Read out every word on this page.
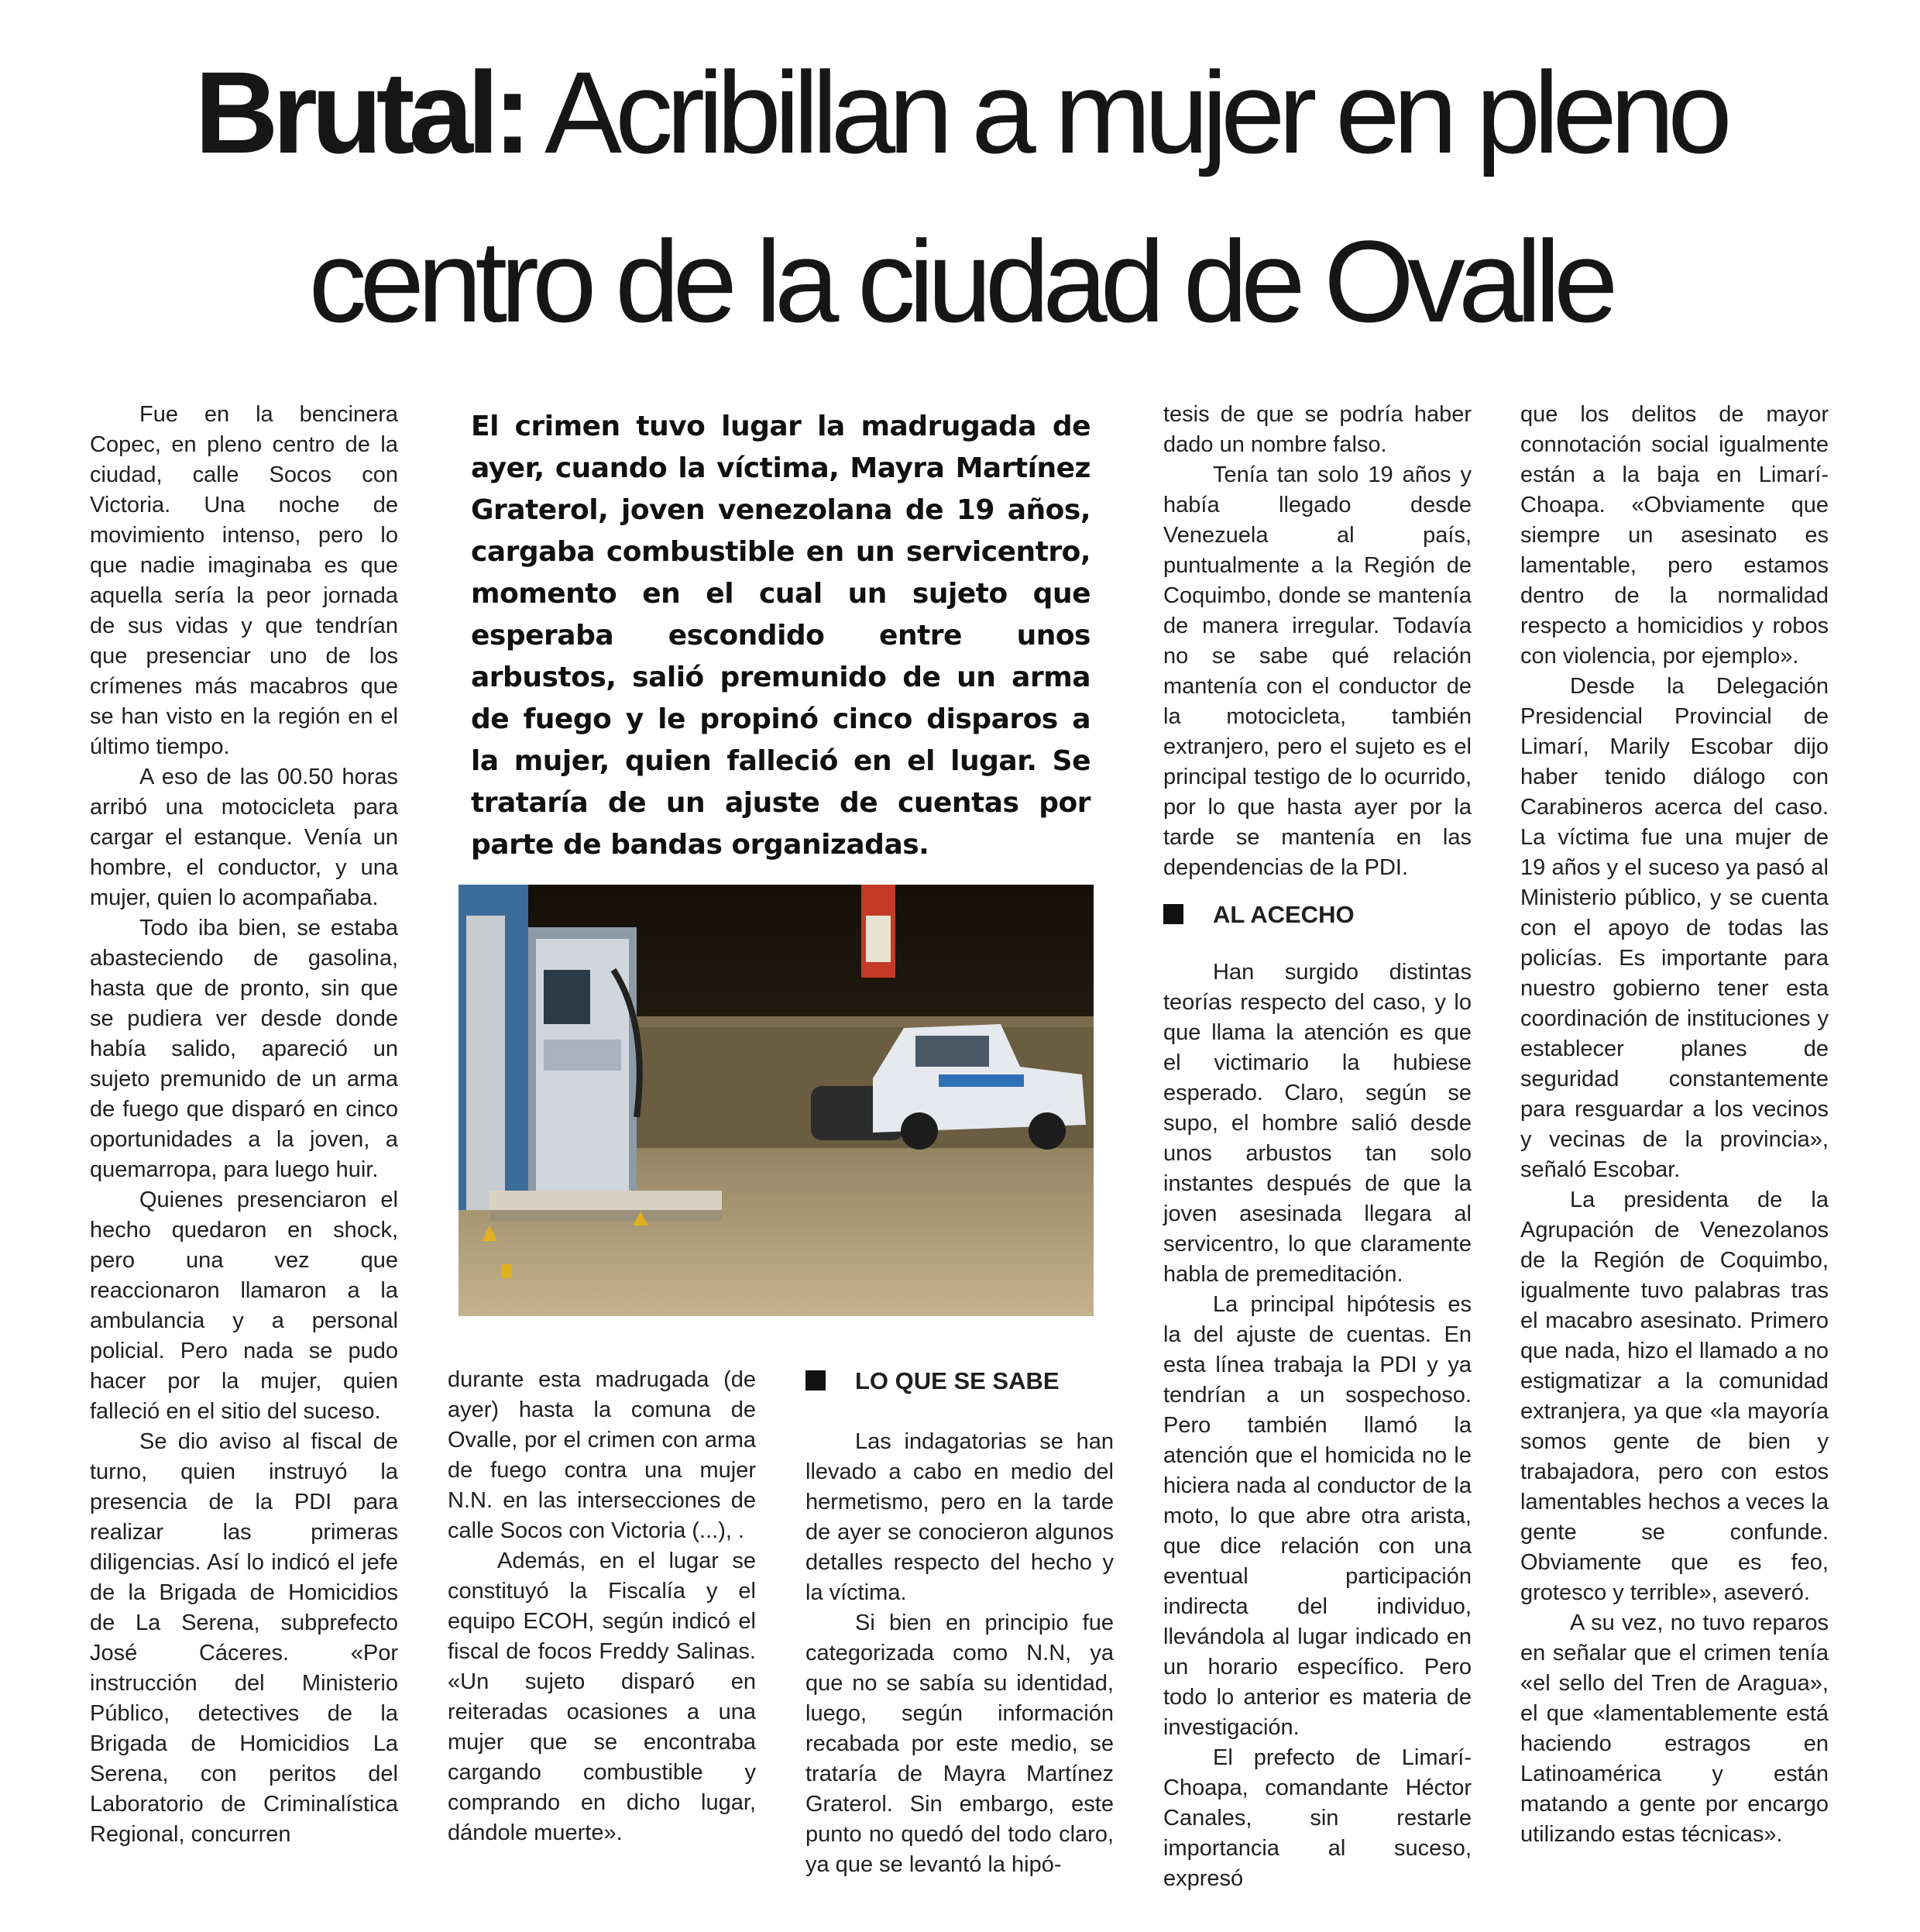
Brutal: Acribillan a mujer en pleno
centro de la ciudad de Ovalle

Fue en la bencinera Copec, en pleno centro de la ciudad, calle Socos con Victoria. Una noche de movimiento intenso, pero lo que nadie imaginaba es que aquella sería la peor jornada de sus vidas y que tendrían que presenciar uno de los crímenes más macabros que se han visto en la región en el último tiempo.

A eso de las 00.50 horas arribó una motocicleta para cargar el estanque. Venía un hombre, el conductor, y una mujer, quien lo acompañaba.

Todo iba bien, se estaba abasteciendo de gasolina, hasta que de pronto, sin que se pudiera ver desde donde había salido, apareció un sujeto premunido de un arma de fuego que disparó en cinco oportunidades a la joven, a quemarropa, para luego huir.

Quienes presenciaron el hecho quedaron en shock, pero una vez que reaccionaron llamaron a la ambulancia y a personal policial. Pero nada se pudo hacer por la mujer, quien falleció en el sitio del suceso.

Se dio aviso al fiscal de turno, quien instruyó la presencia de la PDI para realizar las primeras diligencias. Así lo indicó el jefe de la Brigada de Homicidios de La Serena, subprefecto José Cáceres. «Por instrucción del Ministerio Público, detectives de la Brigada de Homicidios La Serena, con peritos del Laboratorio de Criminalística Regional, concurren

El crimen tuvo lugar la madrugada de ayer, cuando la víctima, Mayra Martínez Graterol, joven venezolana de 19 años, cargaba combustible en un servicentro, momento en el cual un sujeto que esperaba escondido entre unos arbustos, salió premunido de un arma de fuego y le propinó cinco disparos a la mujer, quien falleció en el lugar. Se trataría de un ajuste de cuentas por parte de bandas organizadas.

durante esta madrugada (de ayer) hasta la comuna de Ovalle, por el crimen con arma de fuego contra una mujer N.N. en las intersecciones de calle Socos con Victoria (...), .

Además, en el lugar se constituyó la Fiscalía y el equipo ECOH, según indicó el fiscal de focos Freddy Salinas. «Un sujeto disparó en reiteradas ocasiones a una mujer que se encontraba cargando combustible y comprando en dicho lugar, dándole muerte».

LO QUE SE SABE

Las indagatorias se han llevado a cabo en medio del hermetismo, pero en la tarde de ayer se conocieron algunos detalles respecto del hecho y la víctima.

Si bien en principio fue categorizada como N.N, ya que no se sabía su identidad, luego, según información recabada por este medio, se trataría de Mayra Martínez Graterol. Sin embargo, este punto no quedó del todo claro, ya que se levantó la hipó-

tesis de que se podría haber dado un nombre falso.

Tenía tan solo 19 años y había llegado desde Venezuela al país, puntualmente a la Región de Coquimbo, donde se mantenía de manera irregular. Todavía no se sabe qué relación mantenía con el conductor de la motocicleta, también extranjero, pero el sujeto es el principal testigo de lo ocurrido, por lo que hasta ayer por la tarde se mantenía en las dependencias de la PDI.

AL ACECHO

Han surgido distintas teorías respecto del caso, y lo que llama la atención es que el victimario la hubiese esperado. Claro, según se supo, el hombre salió desde unos arbustos tan solo instantes después de que la joven asesinada llegara al servicentro, lo que claramente habla de premeditación.

La principal hipótesis es la del ajuste de cuentas. En esta línea trabaja la PDI y ya tendrían a un sospechoso. Pero también llamó la atención que el homicida no le hiciera nada al conductor de la moto, lo que abre otra arista, que dice relación con una eventual participación indirecta del individuo, llevándola al lugar indicado en un horario específico. Pero todo lo anterior es materia de investigación.

El prefecto de Limarí-Choapa, comandante Héctor Canales, sin restarle importancia al suceso, expresó

que los delitos de mayor connotación social igualmente están a la baja en Limarí-Choapa. «Obviamente que siempre un asesinato es lamentable, pero estamos dentro de la normalidad respecto a homicidios y robos con violencia, por ejemplo».

Desde la Delegación Presidencial Provincial de Limarí, Marily Escobar dijo haber tenido diálogo con Carabineros acerca del caso. La víctima fue una mujer de 19 años y el suceso ya pasó al Ministerio público, y se cuenta con el apoyo de todas las policías. Es importante para nuestro gobierno tener esta coordinación de instituciones y establecer planes de seguridad constantemente para resguardar a los vecinos y vecinas de la provincia», señaló Escobar.

La presidenta de la Agrupación de Venezolanos de la Región de Coquimbo, igualmente tuvo palabras tras el macabro asesinato. Primero que nada, hizo el llamado a no estigmatizar a la comunidad extranjera, ya que «la mayoría somos gente de bien y trabajadora, pero con estos lamentables hechos a veces la gente se confunde. Obviamente que es feo, grotesco y terrible», aseveró.

A su vez, no tuvo reparos en señalar que el crimen tenía «el sello del Tren de Aragua», el que «lamentablemente está haciendo estragos en Latinoamérica y están matando a gente por encargo utilizando estas técnicas».
